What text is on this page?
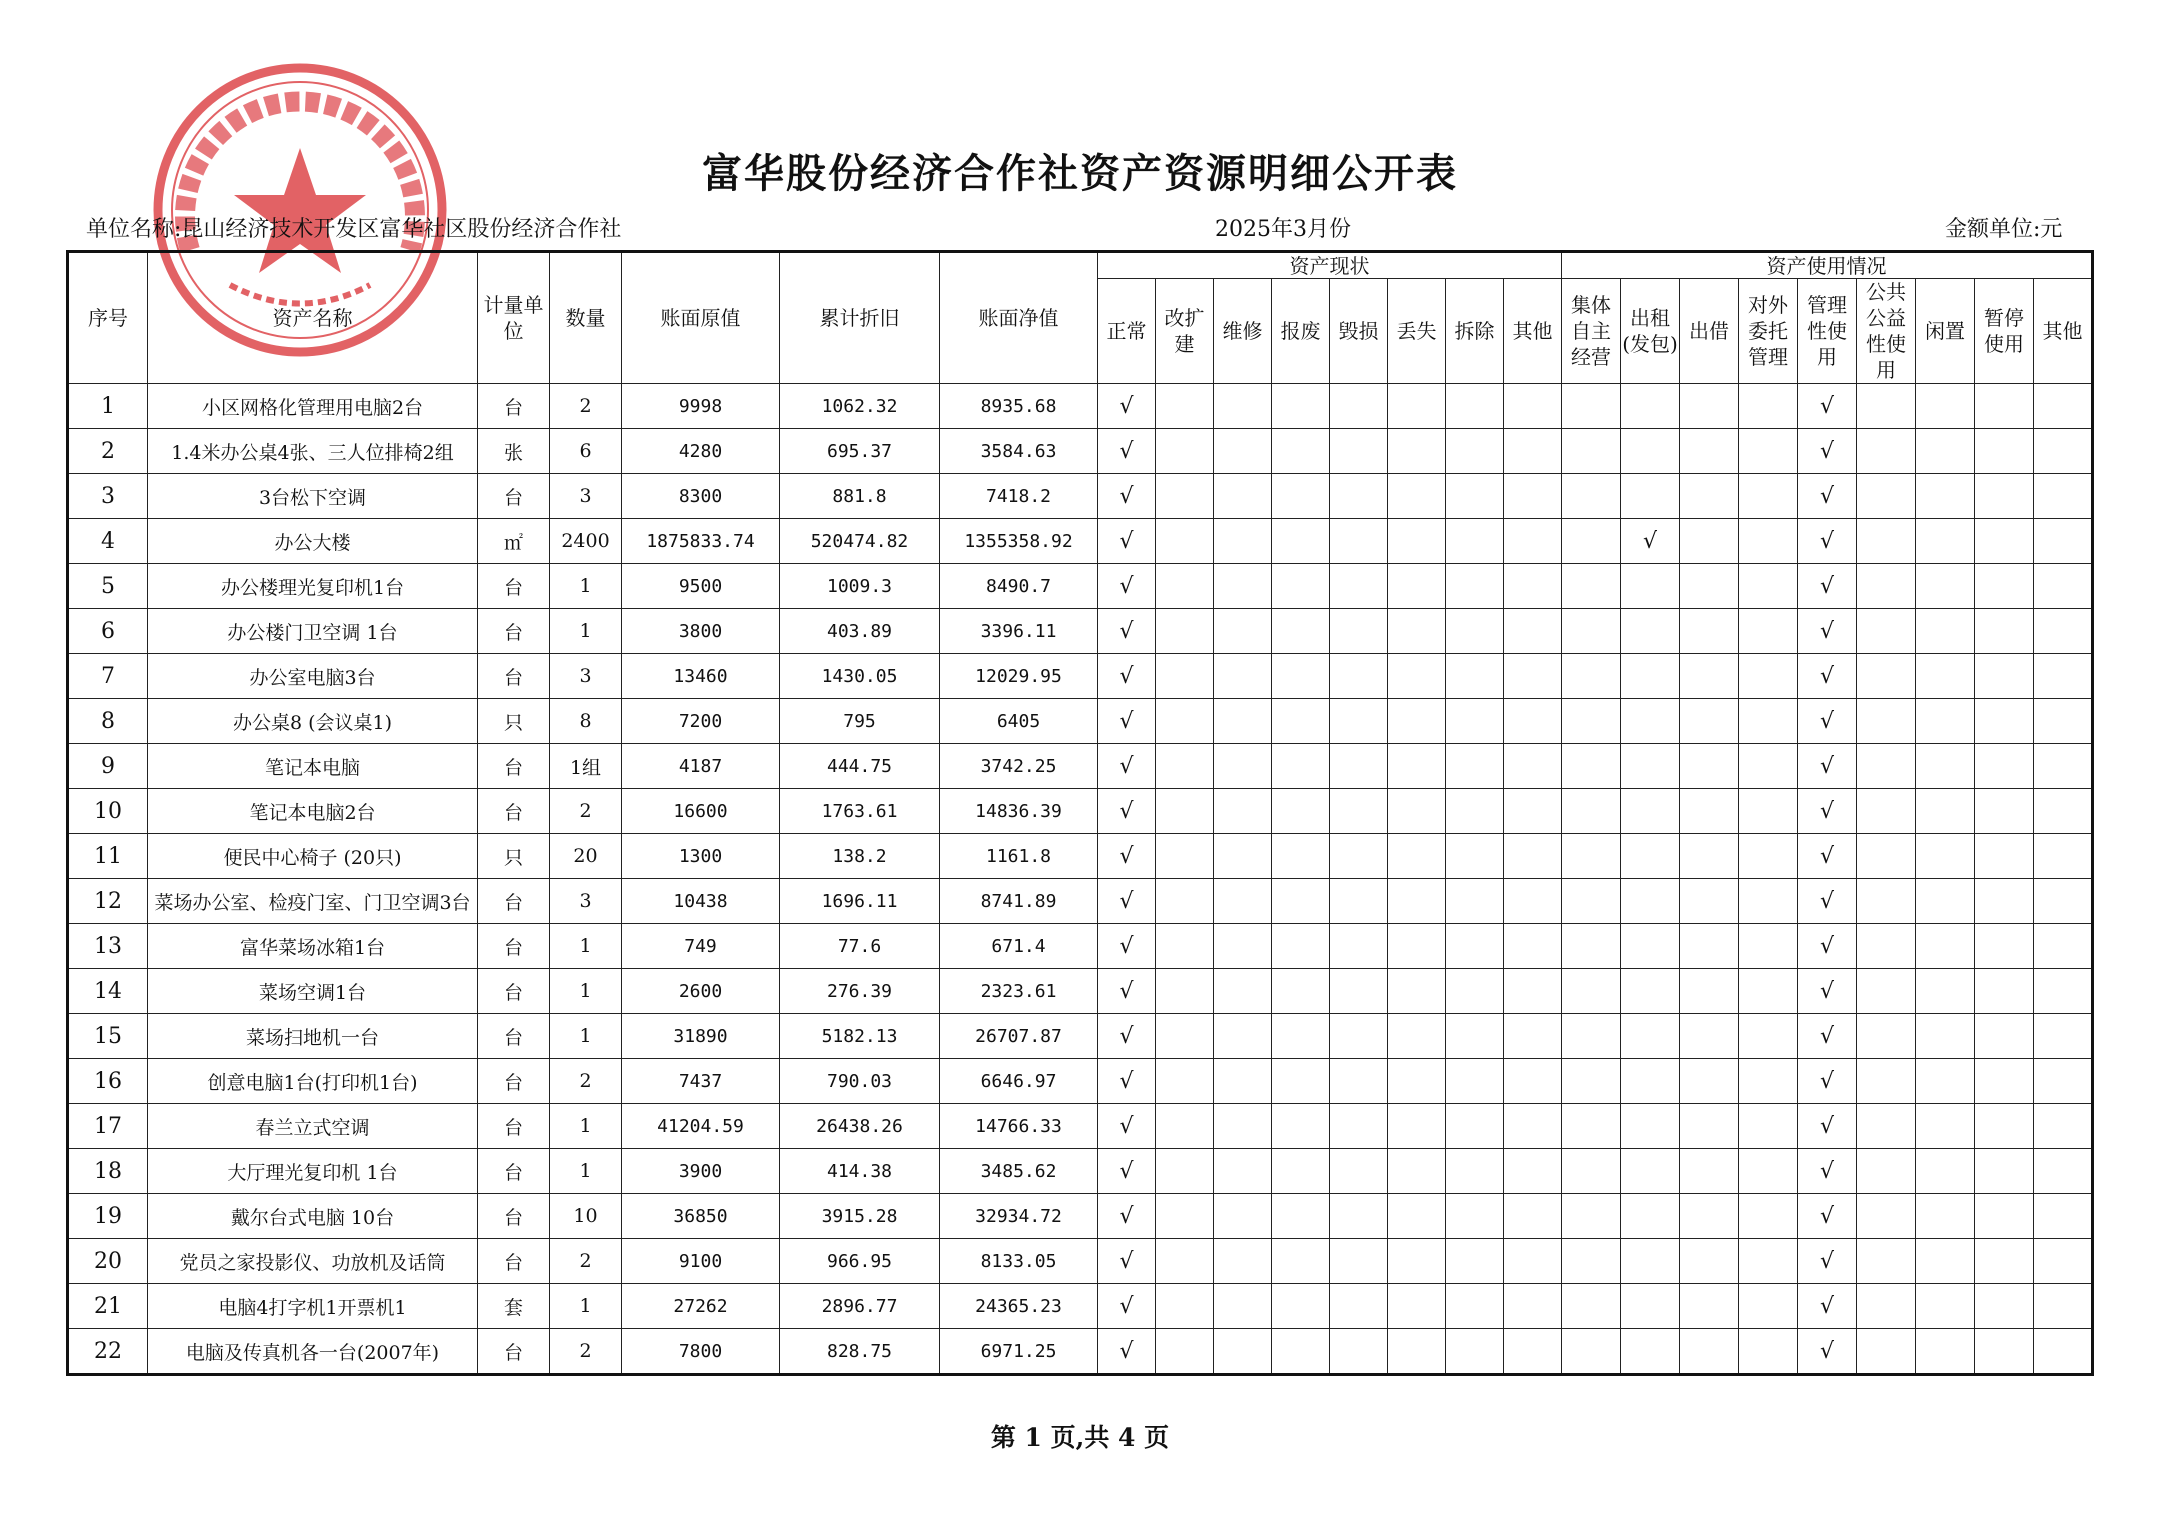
富华股份经济合作社资产资源明细公开表
单位名称:昆山经济技术开发区富华社区股份经济合作社	2025年3月份	金额单位:元
序号	资产名称	计量单位	数量	账面原值	累计折旧	账面净值	资产现状								资产使用情况								
							正常	改扩建	维修	报废	毁损	丢失	拆除	其他	集体自主经营	出租(发包)	出借	对外委托管理	管理性使用	公共公益性使用	闲置	暂停使用	其他
1	小区网格化管理用电脑2台	台	2	9998	1062.32	8935.68	√												√				
2	1.4米办公桌4张、三人位排椅2组	张	6	4280	695.37	3584.63	√												√				
3	3台松下空调	台	3	8300	881.8	7418.2	√												√				
4	办公大楼	㎡	2400	1875833.74	520474.82	1355358.92	√									√			√				
5	办公楼理光复印机1台	台	1	9500	1009.3	8490.7	√												√				
6	办公楼门卫空调 1台	台	1	3800	403.89	3396.11	√												√				
7	办公室电脑3台	台	3	13460	1430.05	12029.95	√												√				
8	办公桌8 (会议桌1)	只	8	7200	795	6405	√												√				
9	笔记本电脑	台	1组	4187	444.75	3742.25	√												√				
10	笔记本电脑2台	台	2	16600	1763.61	14836.39	√												√				
11	便民中心椅子 (20只)	只	20	1300	138.2	1161.8	√												√				
12	菜场办公室、检疫门室、门卫空调3台	台	3	10438	1696.11	8741.89	√												√				
13	富华菜场冰箱1台	台	1	749	77.6	671.4	√												√				
14	菜场空调1台	台	1	2600	276.39	2323.61	√												√				
15	菜场扫地机一台	台	1	31890	5182.13	26707.87	√												√				
16	创意电脑1台(打印机1台)	台	2	7437	790.03	6646.97	√												√				
17	春兰立式空调	台	1	41204.59	26438.26	14766.33	√												√				
18	大厅理光复印机 1台	台	1	3900	414.38	3485.62	√												√				
19	戴尔台式电脑 10台	台	10	36850	3915.28	32934.72	√												√				
20	党员之家投影仪、功放机及话筒	台	2	9100	966.95	8133.05	√												√				
21	电脑4打字机1开票机1	套	1	27262	2896.77	24365.23	√												√				
22	电脑及传真机各一台(2007年)	台	2	7800	828.75	6971.25	√												√				
第 1 页,共 4 页
